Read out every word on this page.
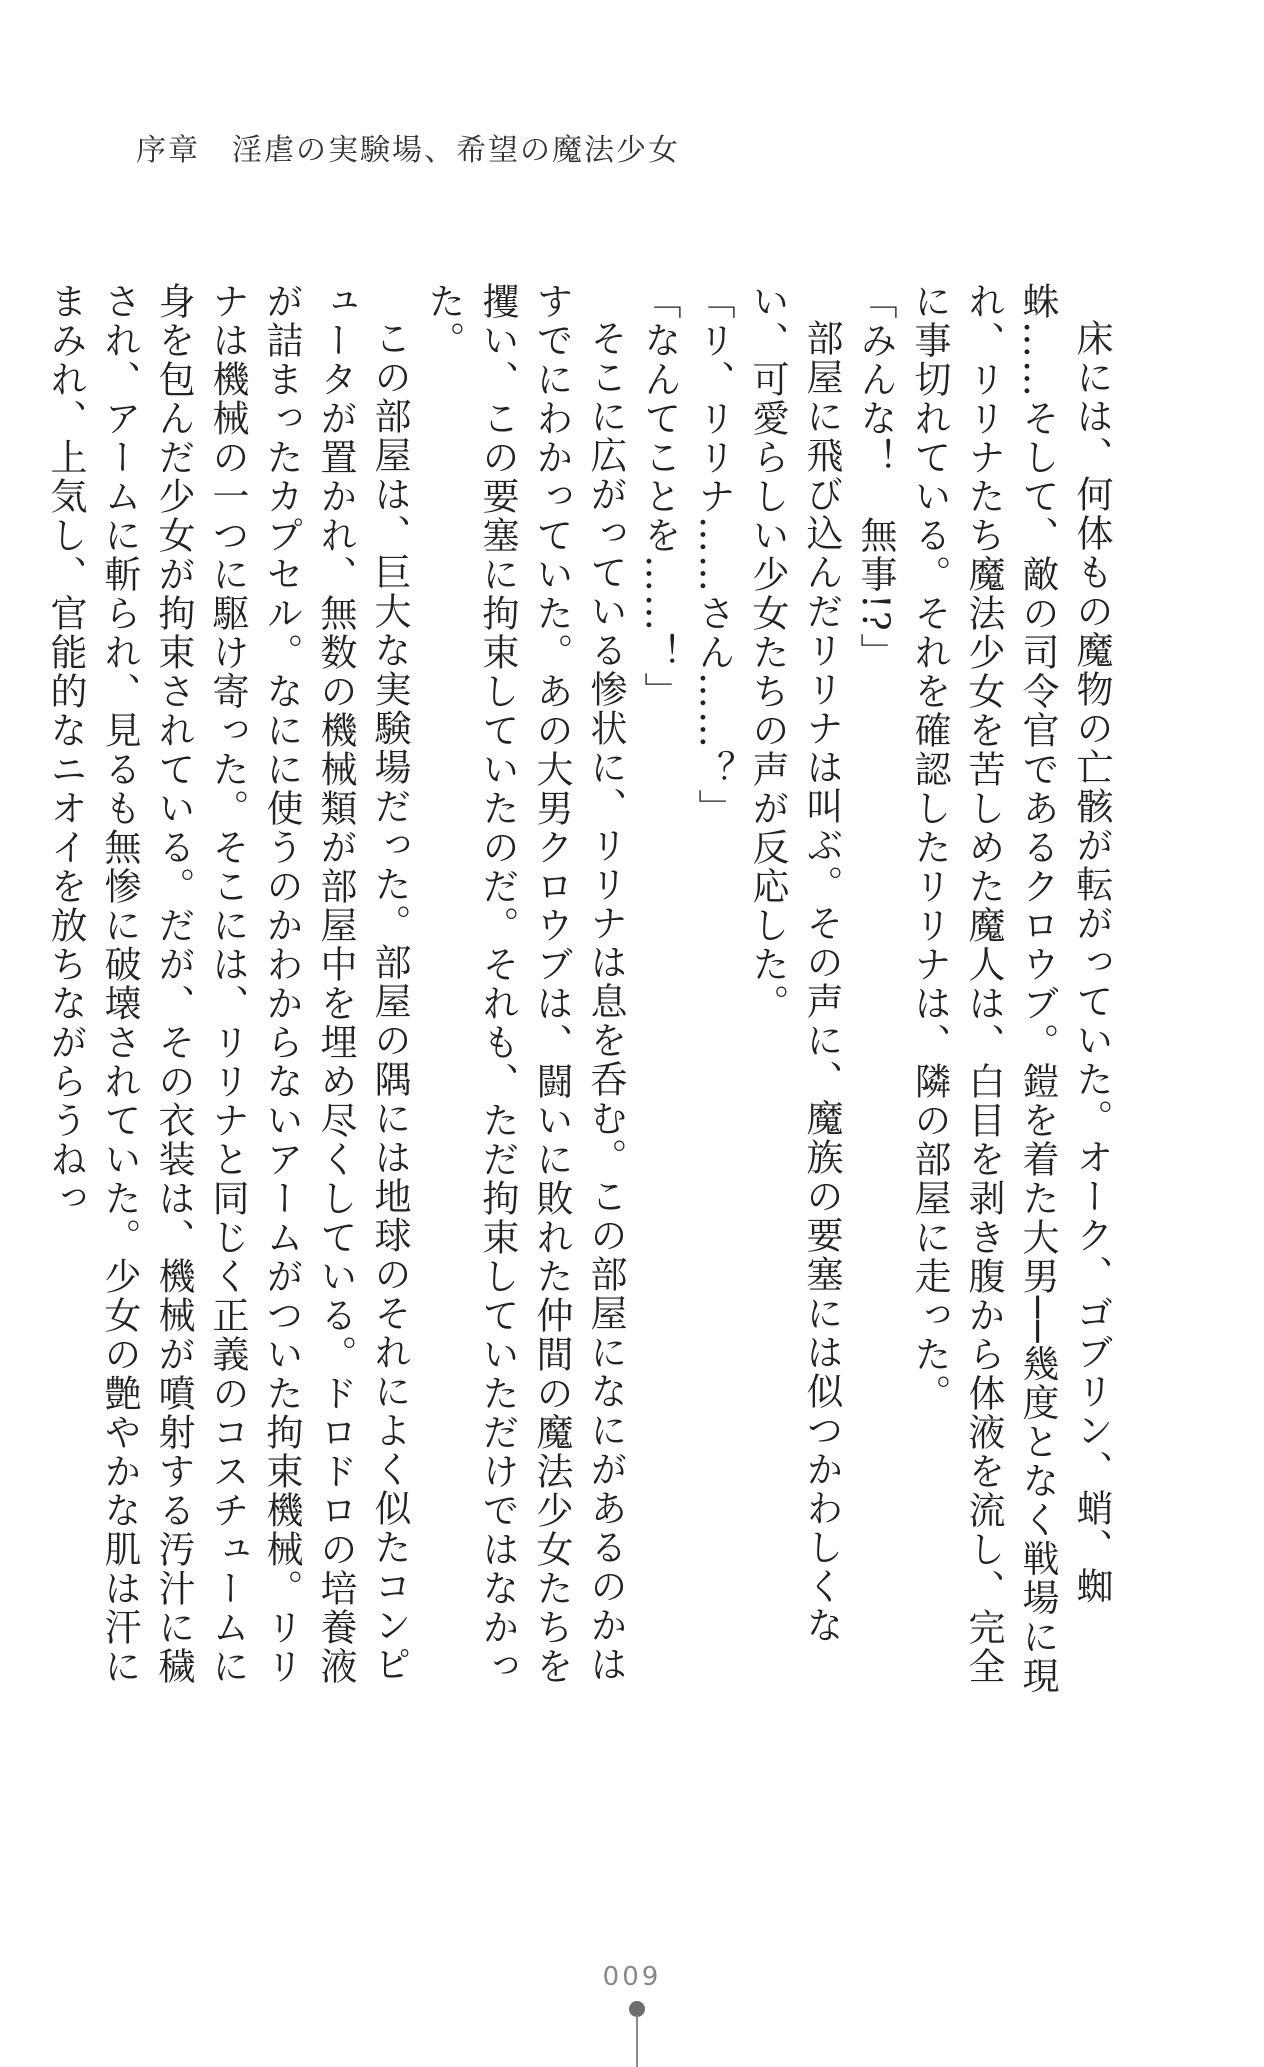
序章　淫虐の実験場、希望の魔法少女

床には、何体もの魔物の亡骸が転がっていた。オーク、ゴブリン、蛸、蜘蛛……そして、敵の司令官であるクロウブ。鎧を着た大男──幾度となく戦場に現れ、リリナたち魔法少女を苦しめた魔人は、白目を剥き腹から体液を流し、完全に事切れている。それを確認したリリナは、隣の部屋に走った。

「みんな！　無事!?」

部屋に飛び込んだリリナは叫ぶ。その声に、魔族の要塞には似つかわしくない、可愛らしい少女たちの声が反応した。

「リ、リリナ……さん……？」

「なんてことを……！」

そこに広がっている惨状に、リリナは息を呑む。この部屋になにがあるのかはすでにわかっていた。あの大男クロウブは、闘いに敗れた仲間の魔法少女たちを攫い、この要塞に拘束していたのだ。それも、ただ拘束していただけではなかった。

この部屋は、巨大な実験場だった。部屋の隅には地球のそれによく似たコンピュータが置かれ、無数の機械類が部屋中を埋め尽くしている。ドロドロの培養液が詰まったカプセル。なにに使うのかわからないアームがついた拘束機械。リリナは機械の一つに駆け寄った。そこには、リリナと同じく正義のコスチュームに身を包んだ少女が拘束されている。だが、その衣装は、機械が噴射する汚汁に穢され、アームに斬られ、見るも無惨に破壊されていた。少女の艶やかな肌は汗にまみれ、上気し、官能的なニオイを放ちながらうねっ

009
